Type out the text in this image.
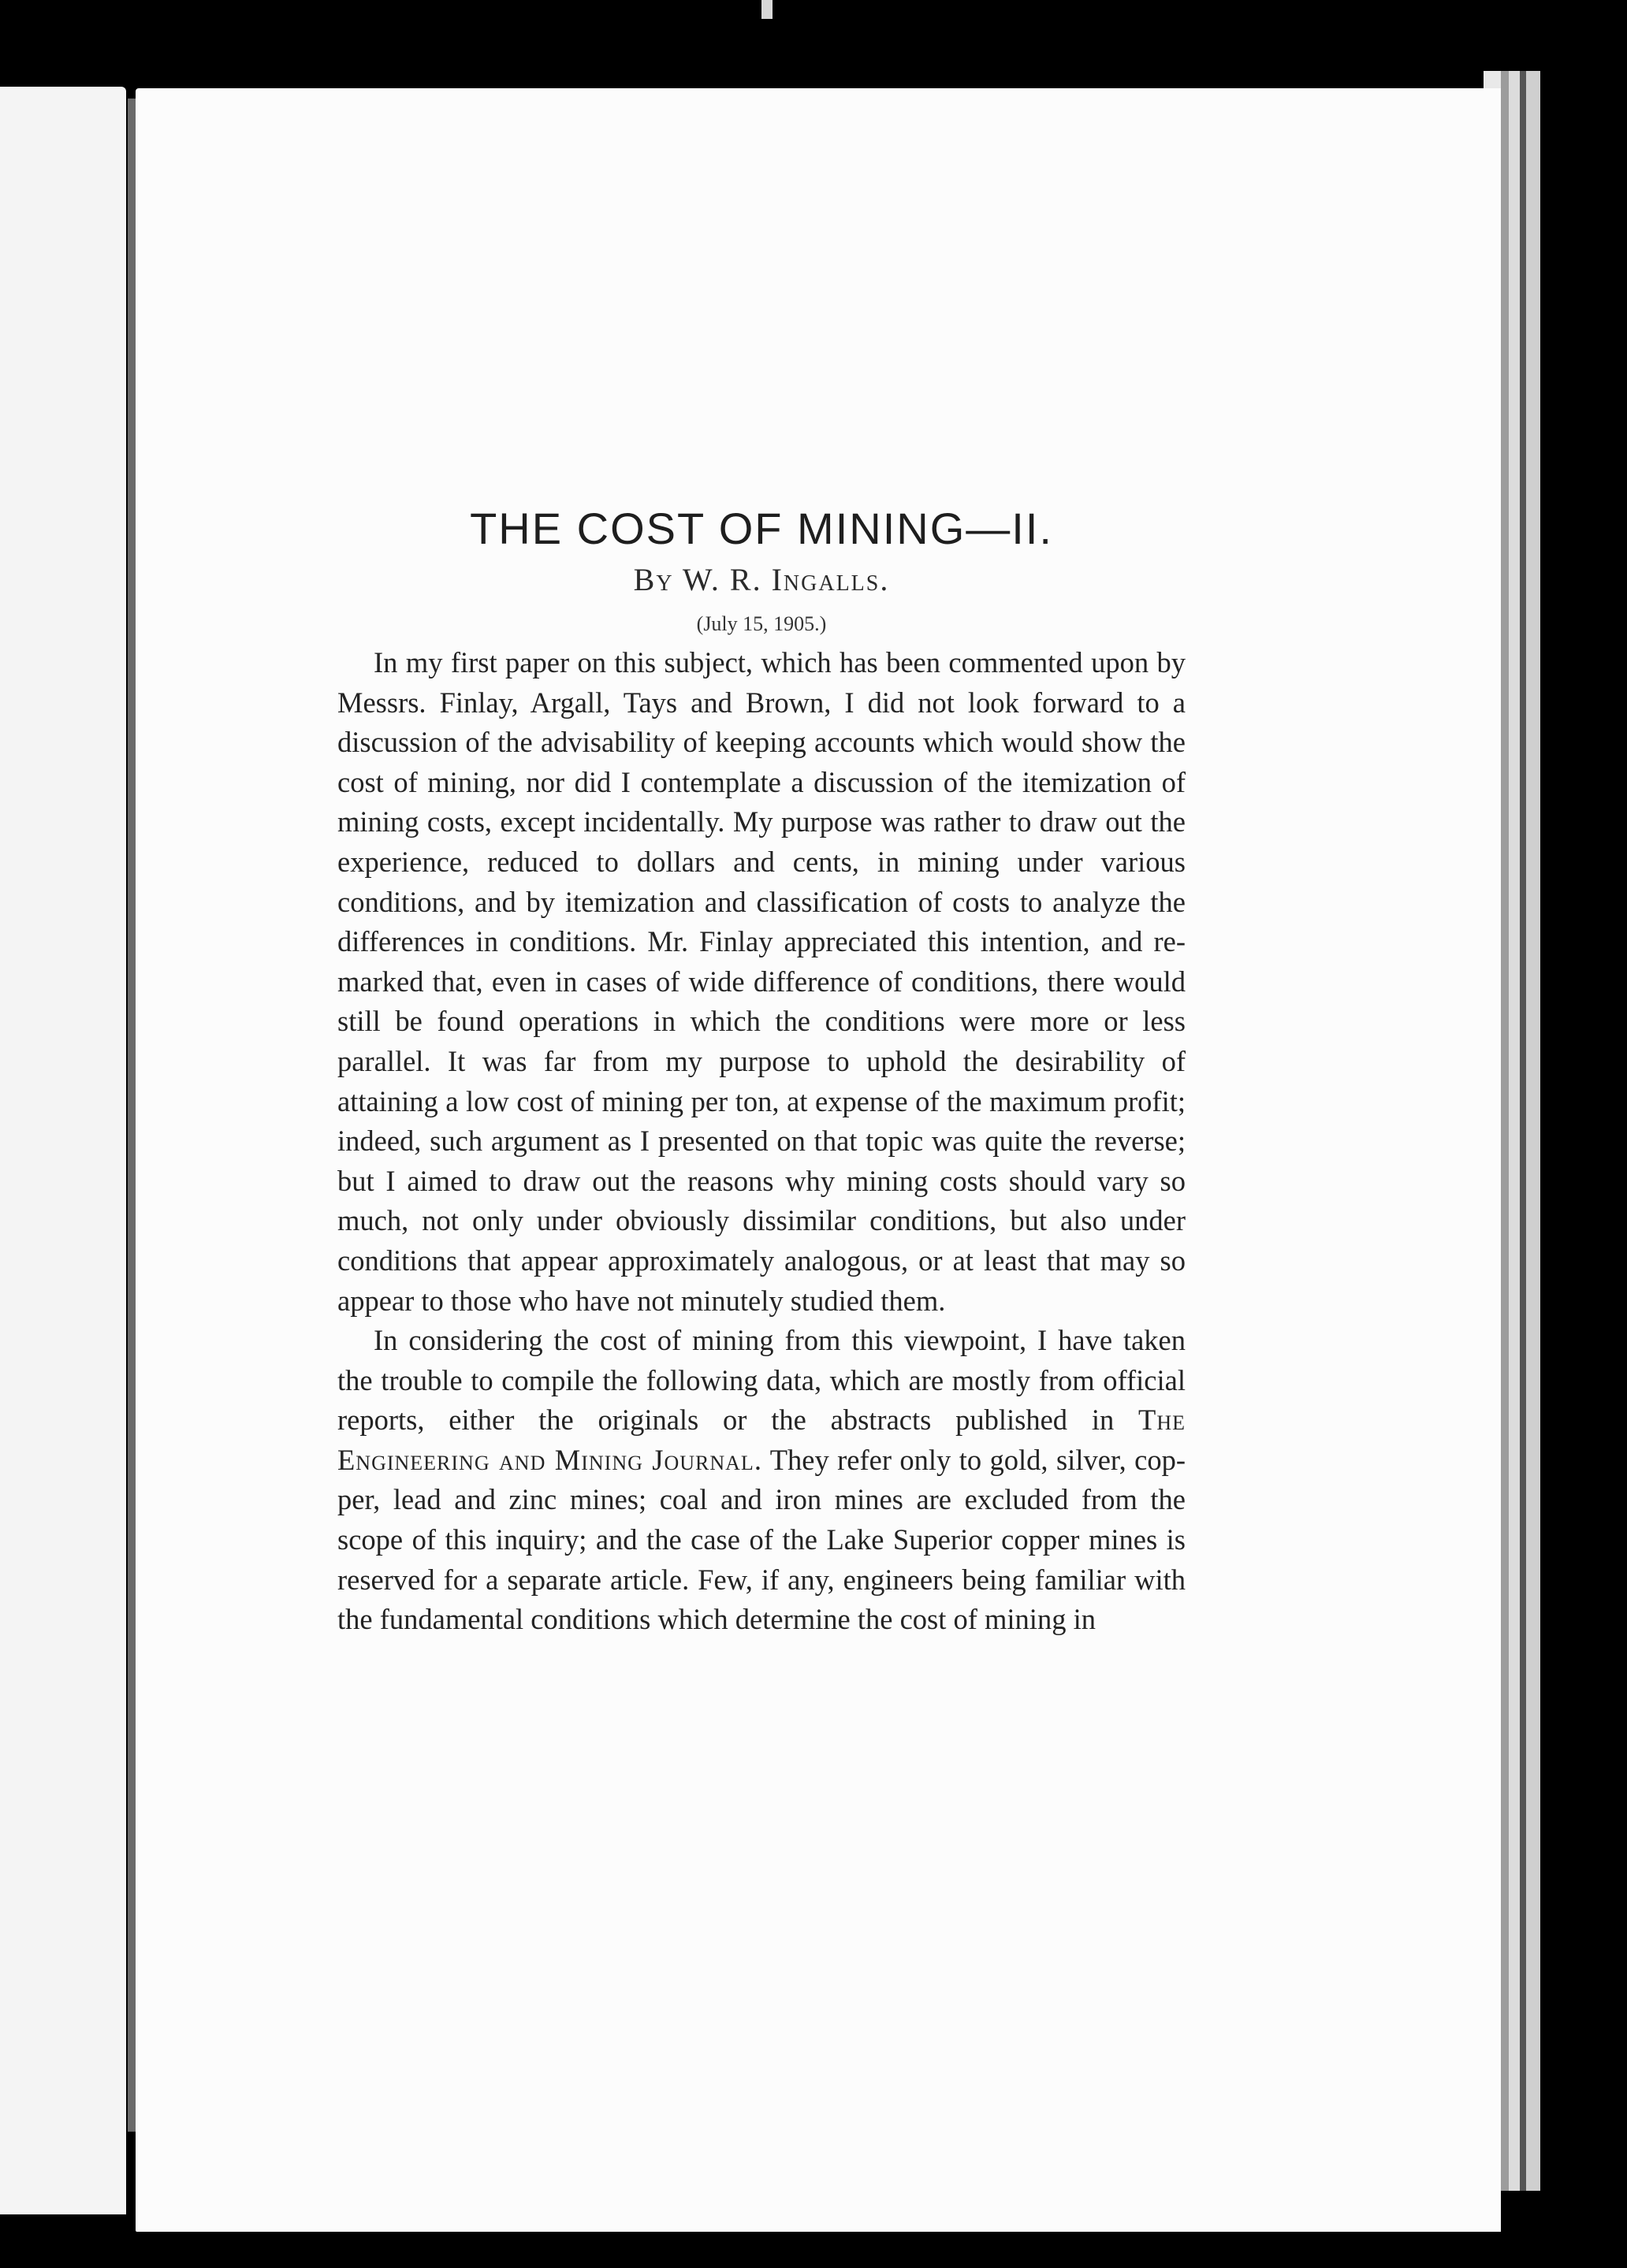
THE COST OF MINING—II.

By W. R. Ingalls.

(July 15, 1905.)

In my first paper on this subject, which has been commented upon by Messrs. Finlay, Argall, Tays and Brown, I did not look forward to a discussion of the advisability of keeping accounts which would show the cost of mining, nor did I contemplate a discussion of the itemization of mining costs, except incidentally. My purpose was rather to draw out the experience, reduced to dollars and cents, in mining under various conditions, and by itemization and classification of costs to analyze the differences in conditions. Mr. Finlay appreciated this intention, and remarked that, even in cases of wide difference of conditions, there would still be found operations in which the conditions were more or less parallel. It was far from my purpose to uphold the desirability of attaining a low cost of mining per ton, at expense of the maximum profit; indeed, such argument as I presented on that topic was quite the reverse; but I aimed to draw out the reasons why mining costs should vary so much, not only under obviously dissimilar conditions, but also under conditions that appear approximately analogous, or at least that may so appear to those who have not minutely studied them.

In considering the cost of mining from this viewpoint, I have taken the trouble to compile the following data, which are mostly from official reports, either the originals or the abstracts published in The Engineering and Mining Journal. They refer only to gold, silver, copper, lead and zinc mines; coal and iron mines are excluded from the scope of this inquiry; and the case of the Lake Superior copper mines is reserved for a separate article. Few, if any, engineers being familiar with the fundamental conditions which determine the cost of mining in
